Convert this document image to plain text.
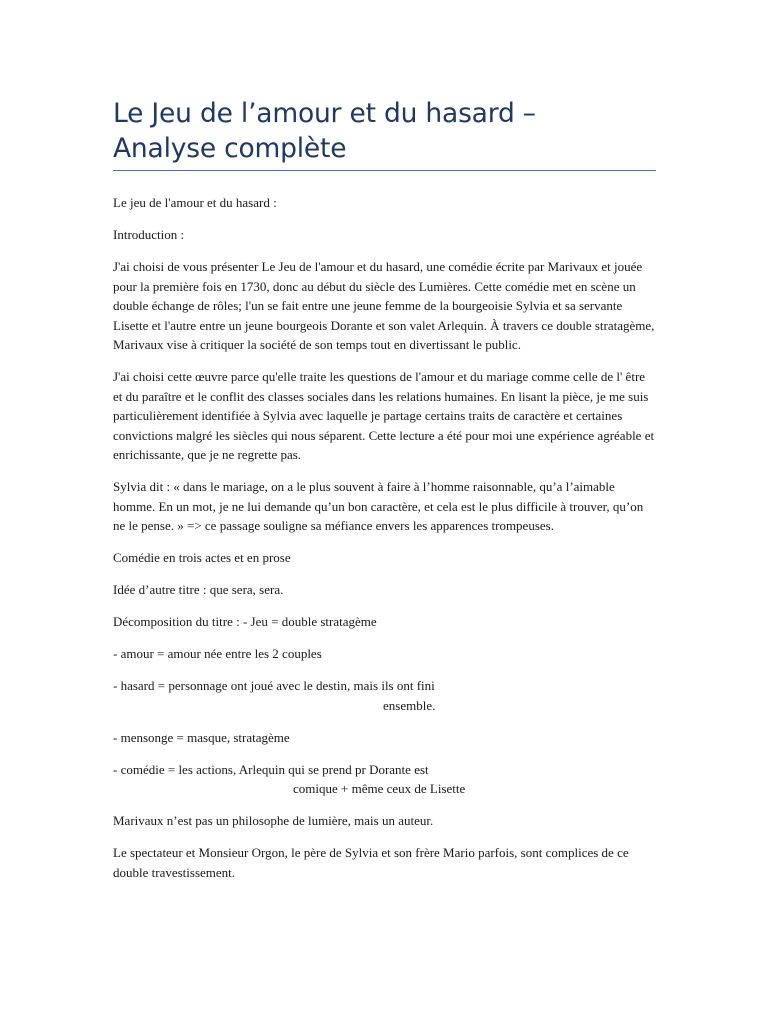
Le Jeu de l’amour et du hasard –
Analyse complète

Le jeu de l'amour et du hasard :

Introduction :

J'ai choisi de vous présenter Le Jeu de l'amour et du hasard, une comédie écrite par Marivaux et jouée pour la première fois en 1730, donc au début du siècle des Lumières. Cette comédie met en scène un double échange de rôles; l'un se fait entre une jeune femme de la bourgeoisie Sylvia et sa servante Lisette et l'autre entre un jeune bourgeois Dorante et son valet Arlequin. À travers ce double stratagème, Marivaux vise à critiquer la société de son temps tout en divertissant le public.

J'ai choisi cette œuvre parce qu'elle traite les questions de l'amour et du mariage comme celle de l' être et du paraître et le conflit des classes sociales dans les relations humaines. En lisant la pièce, je me suis particulièrement identifiée à Sylvia avec laquelle je partage certains traits de caractère et certaines convictions malgré les siècles qui nous séparent. Cette lecture a été pour moi une expérience agréable et enrichissante, que je ne regrette pas.

Sylvia dit : « dans le mariage, on a le plus souvent à faire à l’homme raisonnable, qu’a l’aimable homme. En un mot, je ne lui demande qu’un bon caractère, et cela est le plus difficile à trouver, qu’on ne le pense. » => ce passage souligne sa méfiance envers les apparences trompeuses.

Comédie en trois actes et en prose

Idée d’autre titre : que sera, sera.

Décomposition du titre : - Jeu = double stratagème

- amour = amour née entre les 2 couples

- hasard = personnage ont joué avec le destin, mais ils ont fini
ensemble.

- mensonge = masque, stratagème

- comédie = les actions, Arlequin qui se prend pr Dorante est
comique + même ceux de Lisette

Marivaux n’est pas un philosophe de lumière, mais un auteur.

Le spectateur et Monsieur Orgon, le père de Sylvia et son frère Mario parfois, sont complices de ce double travestissement.
